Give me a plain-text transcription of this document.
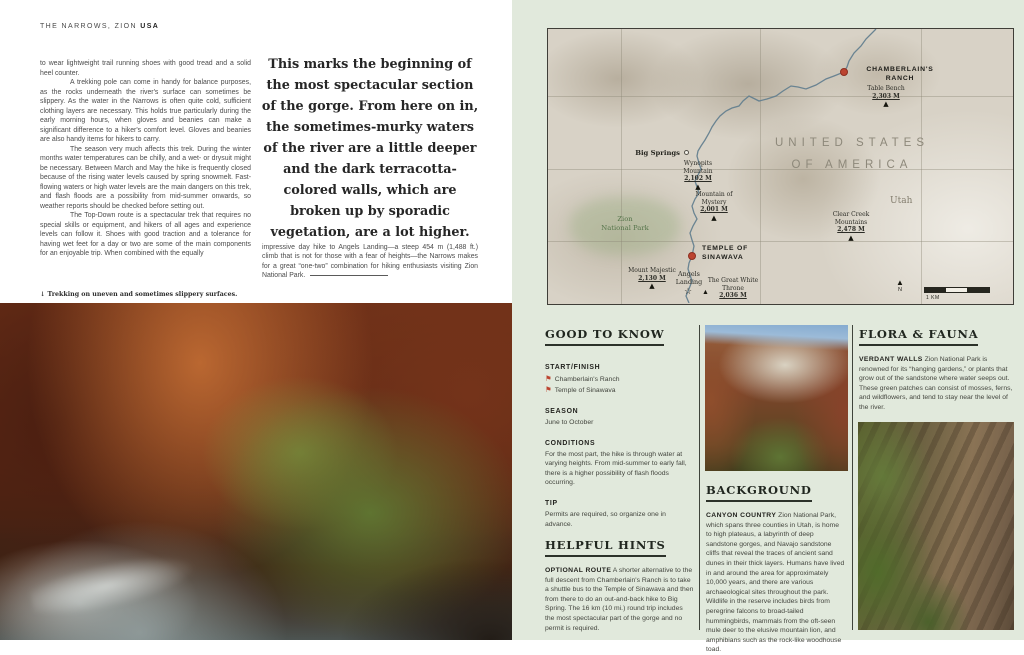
THE NARROWS, ZION USA

to wear lightweight trail running shoes with good tread and a solid heel counter.

A trekking pole can come in handy for balance purposes, as the rocks underneath the river's surface can sometimes be slippery. As the water in the Narrows is often quite cold, sufficient clothing layers are necessary. This holds true particularly during the early morning hours, when gloves and beanies can make a significant difference to a hiker's comfort level. Gloves and beanies are also handy items for hikers to carry.

The season very much affects this trek. During the winter months water temperatures can be chilly, and a wet- or drysuit might be necessary. Between March and May the hike is frequently closed because of the rising water levels caused by spring snowmelt. Fast-flowing waters or high water levels are the main dangers on this trek, and flash floods are a possibility from mid-summer onwards, so weather reports should be checked before setting out.

The Top-Down route is a spectacular trek that requires no special skills or equipment, and hikers of all ages and experience levels can follow it. Shoes with good traction and a tolerance for having wet feet for a day or two are some of the main components for an enjoyable trip. When combined with the equally

↓ Trekking on uneven and sometimes slippery surfaces.
This marks the beginning of the most spectacular section of the gorge. From here on in, the sometimes-murky waters of the river are a little deeper and the dark terracotta-colored walls, which are broken up by sporadic vegetation, are a lot higher.

impressive day hike to Angels Landing—a steep 454 m (1,488 ft.) climb that is not for those with a fear of heights—the Narrows makes for a great “one-two” combination for hiking enthusiasts visiting Zion National Park.

CHAMBERLAIN'S
RANCH
Table Bench
2,303 M
▲
UNITED STATES
OF AMERICA
Utah
Big Springs
Wynopits Mountain
2,102 M
▲
Mountain of Mystery
2,001 M
▲
Zion
National Park
TEMPLE OF
SINAWAVA
Mount Majestic
2,130 M
▲
Angels Landing
☆
The Great White Throne
2,036 M
▲
Clear Creek Mountains
2,478 M
▲
▲
N
1 KM
GOOD TO KNOW
START/FINISH
⚑ Chamberlain's Ranch
⚑ Temple of Sinawava
SEASON
June to October
CONDITIONS
For the most part, the hike is through water at varying heights. From mid-summer to early fall, there is a higher possibility of flash floods occurring.
TIP
Permits are required, so organize one in advance.
HELPFUL HINTS
OPTIONAL ROUTE A shorter alternative to the full descent from Chamberlain's Ranch is to take a shuttle bus to the Temple of Sinawava and then from there to do an out-and-back hike to Big Spring. The 16 km (10 mi.) round trip includes the most spectacular part of the gorge and no permit is required.
BACKGROUND
CANYON COUNTRY Zion National Park, which spans three counties in Utah, is home to high plateaus, a labyrinth of deep sandstone gorges, and Navajo sandstone cliffs that reveal the traces of ancient sand dunes in their thick layers. Humans have lived in and around the area for approximately 10,000 years, and there are various archaeological sites throughout the park. Wildlife in the reserve includes birds from peregrine falcons to broad-tailed hummingbirds, mammals from the oft-seen mule deer to the elusive mountain lion, and amphibians such as the rock-like woodhouse toad.
FLORA & FAUNA
VERDANT WALLS Zion National Park is renowned for its “hanging gardens,” or plants that grow out of the sandstone where water seeps out. These green patches can consist of mosses, ferns, and wildflowers, and tend to stay near the level of the river.
